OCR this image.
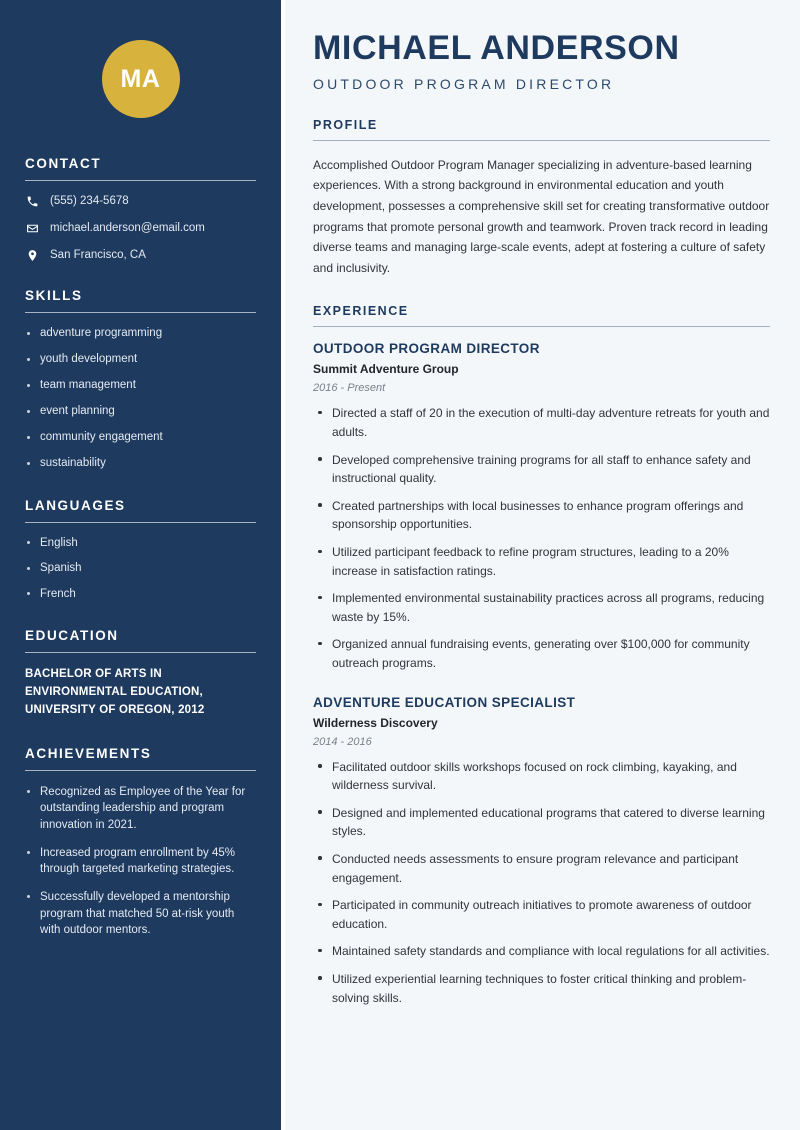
MA
CONTACT
(555) 234-5678
michael.anderson@email.com
San Francisco, CA
SKILLS
adventure programming
youth development
team management
event planning
community engagement
sustainability
LANGUAGES
English
Spanish
French
EDUCATION
BACHELOR OF ARTS IN ENVIRONMENTAL EDUCATION, UNIVERSITY OF OREGON, 2012
ACHIEVEMENTS
Recognized as Employee of the Year for outstanding leadership and program innovation in 2021.
Increased program enrollment by 45% through targeted marketing strategies.
Successfully developed a mentorship program that matched 50 at-risk youth with outdoor mentors.
MICHAEL ANDERSON
OUTDOOR PROGRAM DIRECTOR
PROFILE

Accomplished Outdoor Program Manager specializing in adventure-based learning experiences. With a strong background in environmental education and youth development, possesses a comprehensive skill set for creating transformative outdoor programs that promote personal growth and teamwork. Proven track record in leading diverse teams and managing large-scale events, adept at fostering a culture of safety and inclusivity.

EXPERIENCE
OUTDOOR PROGRAM DIRECTOR
Summit Adventure Group
2016 - Present
Directed a staff of 20 in the execution of multi-day adventure retreats for youth and adults.
Developed comprehensive training programs for all staff to enhance safety and instructional quality.
Created partnerships with local businesses to enhance program offerings and sponsorship opportunities.
Utilized participant feedback to refine program structures, leading to a 20% increase in satisfaction ratings.
Implemented environmental sustainability practices across all programs, reducing waste by 15%.
Organized annual fundraising events, generating over $100,000 for community outreach programs.
ADVENTURE EDUCATION SPECIALIST
Wilderness Discovery
2014 - 2016
Facilitated outdoor skills workshops focused on rock climbing, kayaking, and wilderness survival.
Designed and implemented educational programs that catered to diverse learning styles.
Conducted needs assessments to ensure program relevance and participant engagement.
Participated in community outreach initiatives to promote awareness of outdoor education.
Maintained safety standards and compliance with local regulations for all activities.
Utilized experiential learning techniques to foster critical thinking and problem-solving skills.
